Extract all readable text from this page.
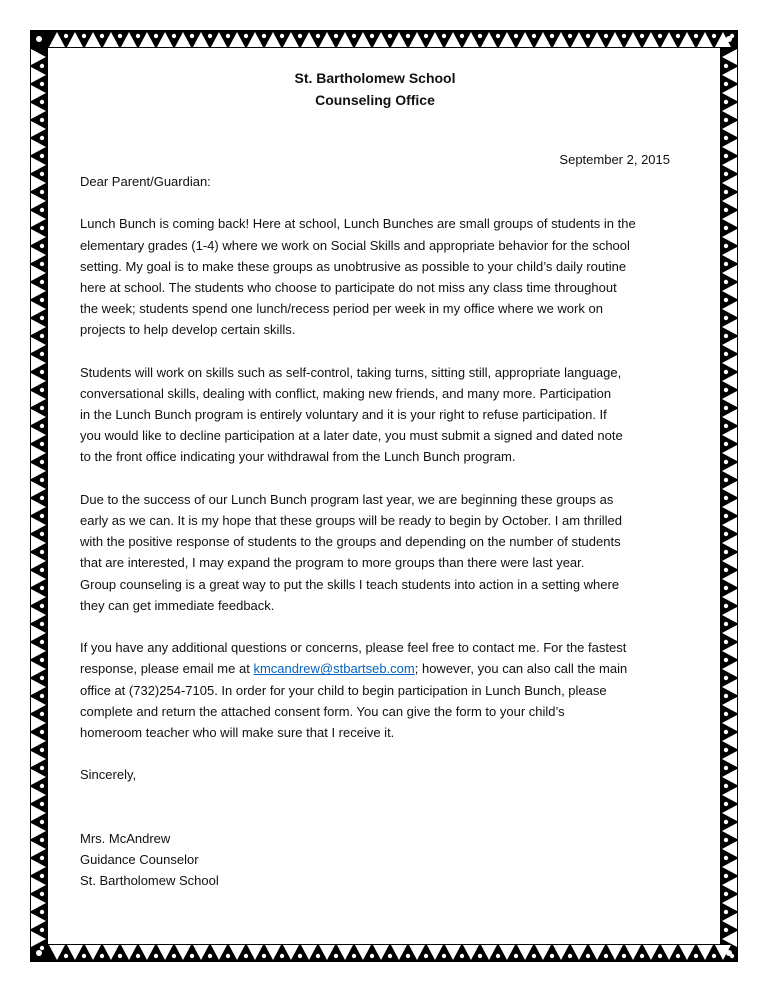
St. Bartholomew School
Counseling Office
September 2, 2015
Dear Parent/Guardian:
Lunch Bunch is coming back! Here at school, Lunch Bunches are small groups of students in the
elementary grades (1-4) where we work on Social Skills and appropriate behavior for the school
setting. My goal is to make these groups as unobtrusive as possible to your child’s daily routine
here at school. The students who choose to participate do not miss any class time throughout
the week; students spend one lunch/recess period per week in my office where we work on
projects to help develop certain skills.
Students will work on skills such as self-control, taking turns, sitting still, appropriate language,
conversational skills, dealing with conflict, making new friends, and many more. Participation
in the Lunch Bunch program is entirely voluntary and it is your right to refuse participation. If
you would like to decline participation at a later date, you must submit a signed and dated note
to the front office indicating your withdrawal from the Lunch Bunch program.
Due to the success of our Lunch Bunch program last year, we are beginning these groups as
early as we can. It is my hope that these groups will be ready to begin by October. I am thrilled
with the positive response of students to the groups and depending on the number of students
that are interested, I may expand the program to more groups than there were last year.
Group counseling is a great way to put the skills I teach students into action in a setting where
they can get immediate feedback.
If you have any additional questions or concerns, please feel free to contact me. For the fastest
response, please email me at kmcandrew@stbartseb.com; however, you can also call the main
office at (732)254-7105. In order for your child to begin participation in Lunch Bunch, please
complete and return the attached consent form. You can give the form to your child’s
homeroom teacher who will make sure that I receive it.
Sincerely,
Mrs. McAndrew
Guidance Counselor
St. Bartholomew School
